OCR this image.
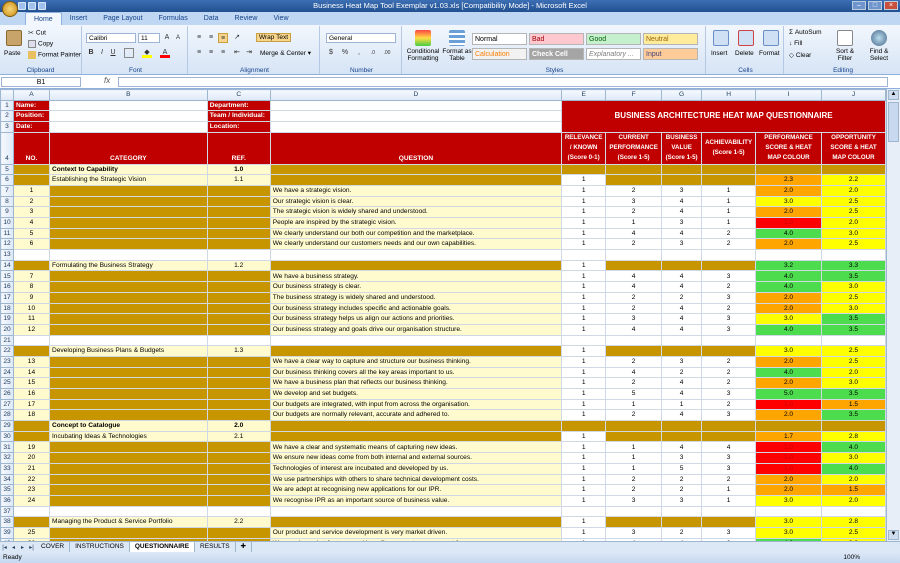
Business Heat Map Tool Exemplar v1.03.xls [Compatibility Mode] - Microsoft Excel	–	□	×
Home	Insert	Page Layout	Formulas	Data	Review	View
Paste
✂ Cut
Copy
Format Painter
Clipboard
Calibri	11	A	A
B	I	U	◆	A
Font
≡	≡	≡	↗	Wrap Text
≡	≡	≡	⇤ ⇥	Merge & Center ▾
Alignment
General
$	%	,	.0	.00
Number
Conditional Formatting
Format as Table
Normal	Bad	Good	Neutral
Calculation	Check Cell	Explanatory ...	Input
Styles
Insert Delete Format
Cells
Σ AutoSum
↓ Fill
◇ Clear
Sort & Filter
Find & Select
Editing
B1	fx
	A	B	C	D	E	F	G	H	I	J
1	Name:		Department:		BUSINESS ARCHITECTURE HEAT MAP QUESTIONNAIRE					
2	Position:		Team / Individual:							
3	Date:		Location:							
4	NO.	CATEGORY	REF.	QUESTION	RELEVANCE / KNOWN (Score 0-1)	CURRENT PERFORMANCE (Score 1-5)	BUSINESS VALUE (Score 1-5)	ACHIEVABILITY (Score 1-5)	PERFORMANCE SCORE & HEAT MAP COLOUR	OPPORTUNITY SCORE & HEAT MAP COLOUR
5		Context to Capability	1.0							
6		Establishing the Strategic Vision	1.1		1				2.3	2.2
7	1			We have a strategic vision.	1	2	3	1	2.0	2.0
8	2			Our strategic vision is clear.	1	3	4	1	3.0	2.5
9	3			The strategic vision is widely shared and understood.	1	2	4	1	2.0	2.5
10	4			People are inspired by the strategic vision.	1	1	3	1	1.0	2.0
11	5			We clearly understand our both our competition and the marketplace.	1	4	4	2	4.0	3.0
12	6			We clearly understand our customers needs and our own capabilities.	1	2	3	2	2.0	2.5
13										
14		Formulating the Business Strategy	1.2		1				3.2	3.3
15	7			We have a business strategy.	1	4	4	3	4.0	3.5
16	8			Our business strategy is clear.	1	4	4	2	4.0	3.0
17	9			The business strategy is widely shared and understood.	1	2	2	3	2.0	2.5
18	10			Our business strategy includes specific and actionable goals.	1	2	4	2	2.0	3.0
19	11			Our business strategy helps us align our actions and priorities.	1	3	4	3	3.0	3.5
20	12			Our business strategy and goals drive our organisation structure.	1	4	4	3	4.0	3.5
21										
22		Developing Business Plans & Budgets	1.3		1				3.0	2.5
23	13			We have a clear way to capture and structure our business thinking.	1	2	3	2	2.0	2.5
24	14			Our business thinking covers all the key areas important to us.	1	4	2	2	4.0	2.0
25	15			We have a business plan that reflects our business thinking.	1	2	4	2	2.0	3.0
26	16			We develop and set budgets.	1	5	4	3	5.0	3.5
27	17			Our budgets are integrated, with input from across the organisation.	1	1	1	2	1.0	1.5
28	18			Our budgets are normally relevant, accurate and adhered to.	1	2	4	3	2.0	3.5
29		Concept to Catalogue	2.0							
30		Incubating Ideas & Technologies	2.1		1				1.7	2.8
31	19			We have a clear and systematic means of capturing new ideas.	1	1	4	4	1.0	4.0
32	20			We ensure new ideas come from both internal and external sources.	1	1	3	3	1.0	3.0
33	21			Technologies of interest are incubated and developed by us.	1	1	5	3	1.0	4.0
34	22			We use partnerships with others to share technical development costs.	1	2	2	2	2.0	2.0
35	23			We are adept at recognising new applications for our IPR.	1	2	2	1	2.0	1.5
36	24			We recognise IPR as an important source of business value.	1	3	3	1	3.0	2.0
37										
38		Managing the Product & Service Portfolio	2.2		1				3.0	2.8
39	25			Our product and service development is very market driven.	1	3	2	3	3.0	2.5

▲
▼
|◂ ◂ ▸ ▸|	COVER	INSTRUCTIONS	QUESTIONNAIRE	RESULTS	✚
Ready	100%
